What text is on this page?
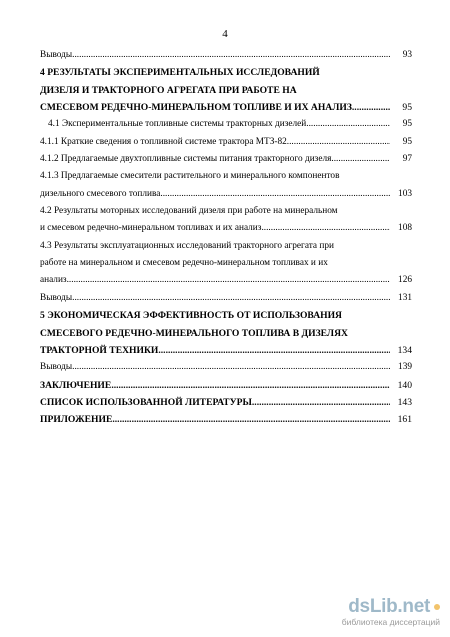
4
Выводы .....	93
4 РЕЗУЛЬТАТЫ ЭКСПЕРИМЕНТАЛЬНЫХ ИССЛЕДОВАНИЙ
ДИЗЕЛЯ И ТРАКТОРНОГО АГРЕГАТА ПРИ РАБОТЕ НА
СМЕСЕВОМ РЕДЕЧНО-МИНЕРАЛЬНОМ ТОПЛИВЕ И ИХ АНАЛИЗ .....	95
4.1 Экспериментальные топливные системы тракторных дизелей .....	95
4.1.1 Краткие сведения о топливной системе трактора МТЗ-82 .....	95
4.1.2 Предлагаемые двухтопливные системы питания тракторного дизеля .....	97
4.1.3 Предлагаемые смесители растительного и минерального компонентов
дизельного смесевого топлива .....	103
4.2 Результаты моторных исследований дизеля при работе на минеральном
и смесевом редечно-минеральном топливах и их анализ .....	108
4.3 Результаты эксплуатационных исследований тракторного агрегата при
работе на минеральном и смесевом редечно-минеральном топливах и их
анализ .....	126
Выводы .....	131
5 ЭКОНОМИЧЕСКАЯ ЭФФЕКТИВНОСТЬ ОТ ИСПОЛЬЗОВАНИЯ
СМЕСЕВОГО РЕДЕЧНО-МИНЕРАЛЬНОГО ТОПЛИВА В ДИЗЕЛЯХ
ТРАКТОРНОЙ ТЕХНИКИ .....	134
Выводы .....	139
ЗАКЛЮЧЕНИЕ .....	140
СПИСОК ИСПОЛЬЗОВАННОЙ ЛИТЕРАТУРЫ .....	143
ПРИЛОЖЕНИЕ .....	161
dsLib.net
библиотека диссертаций
